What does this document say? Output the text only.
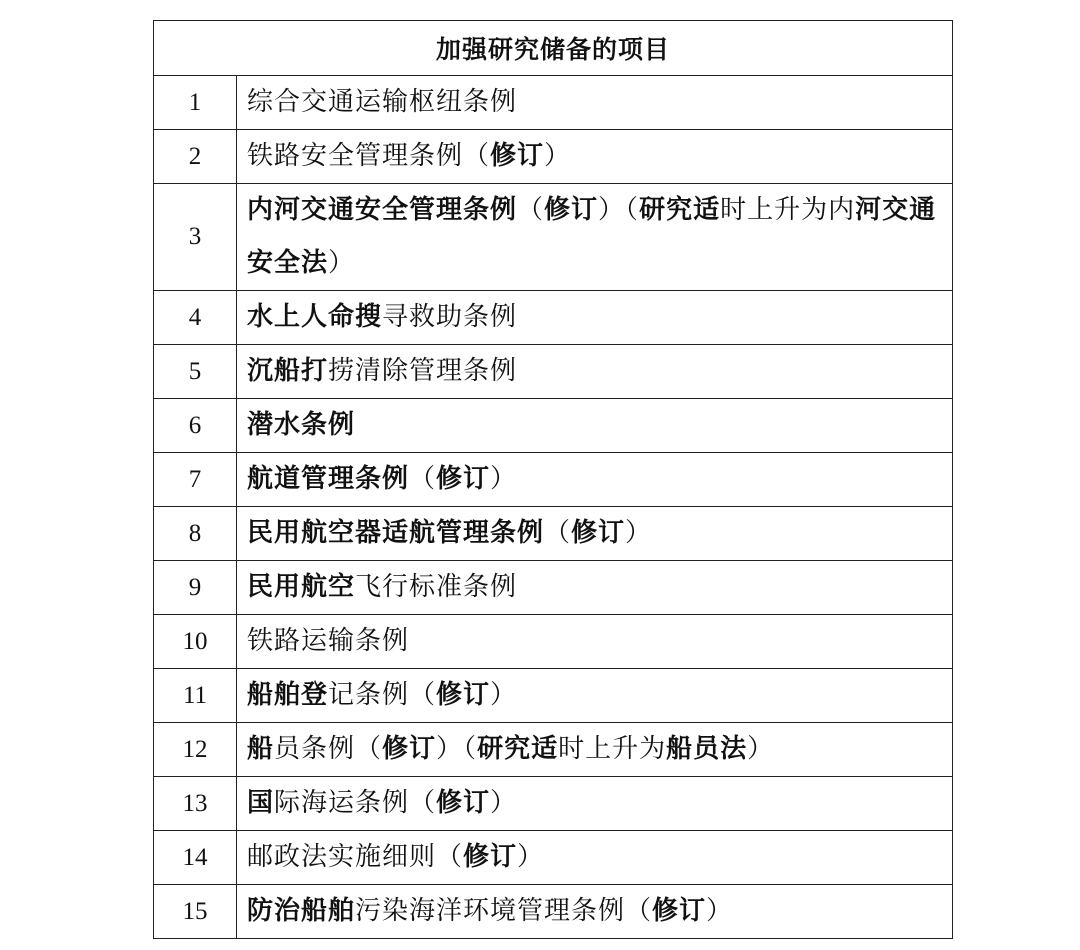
加强研究储备的项目	
1	综合交通运输枢纽条例
2	铁路安全管理条例（修订）
3	内河交通安全管理条例（修订）（研究适时上升为内河交通安全法）
4	水上人命搜寻救助条例
5	沉船打捞清除管理条例
6	潜水条例
7	航道管理条例（修订）
8	民用航空器适航管理条例（修订）
9	民用航空飞行标准条例
10	铁路运输条例
11	船舶登记条例（修订）
12	船员条例（修订）（研究适时上升为船员法）
13	国际海运条例（修订）
14	邮政法实施细则（修订）
15	防治船舶污染海洋环境管理条例（修订）
